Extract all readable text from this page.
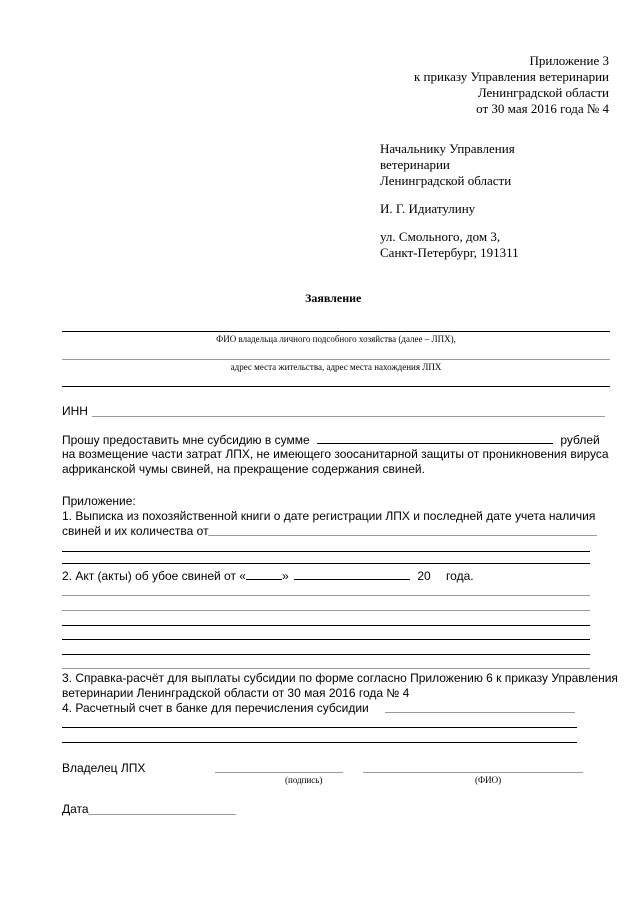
Приложение 3
к приказу Управления ветеринарии
Ленинградской области
от 30 мая 2016 года № 4
Начальнику Управления
ветеринарии
Ленинградской области
И. Г. Идиатулину
ул. Смольного, дом 3,
Санкт-Петербург, 191311
Заявление
ФИО владельца личного подсобного хозяйства (далее – ЛПХ),
адрес места жительства, адрес места нахождения ЛПХ
ИНН
Прошу предоставить мне субсидию в сумме	рублей
на возмещение части затрат ЛПХ, не имеющего зоосанитарной защиты от проникновения вируса
африканской чумы свиней, на прекращение содержания свиней.
Приложение:
1. Выписка из похозяйственной книги о дате регистрации ЛПХ и последней дате учета наличия
свиней и их количества от
2. Акт (акты) об убое свиней от «	»	20 года.
3. Справка-расчёт для выплаты субсидии по форме согласно Приложению 6 к приказу Управления
ветеринарии Ленинградской области от 30 мая 2016 года № 4
4. Расчетный счет в банке для перечисления субсидии
Владелец ЛПХ
(подпись)	(ФИО)
Дата
